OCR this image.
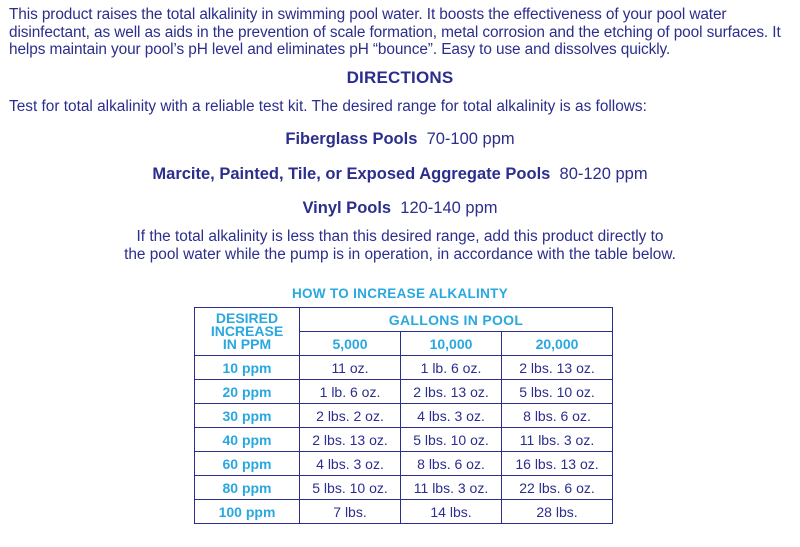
This product raises the total alkalinity in swimming pool water. It boosts the effectiveness of your pool water disinfectant, as well as aids in the prevention of scale formation, metal corrosion and the etching of pool surfaces. It helps maintain your pool’s pH level and eliminates pH “bounce”. Easy to use and dissolves quickly.

DIRECTIONS

Test for total alkalinity with a reliable test kit. The desired range for total alkalinity is as follows:

Fiberglass Pools 70-100 ppm

Marcite, Painted, Tile, or Exposed Aggregate Pools 80-120 ppm

Vinyl Pools 120-140 ppm

If the total alkalinity is less than this desired range, add this product directly to
the pool water while the pump is in operation, in accordance with the table below.

HOW TO INCREASE ALKALINTY

DESIRED
INCREASE
IN PPM	GALLONS IN POOL		
	5,000	10,000	20,000
10 ppm	11 oz.	1 lb. 6 oz.	2 lbs. 13 oz.
20 ppm	1 lb. 6 oz.	2 lbs. 13 oz.	5 lbs. 10 oz.
30 ppm	2 lbs. 2 oz.	4 lbs. 3 oz.	8 lbs. 6 oz.
40 ppm	2 lbs. 13 oz.	5 lbs. 10 oz.	11 lbs. 3 oz.
60 ppm	4 lbs. 3 oz.	8 lbs. 6 oz.	16 lbs. 13 oz.
80 ppm	5 lbs. 10 oz.	11 lbs. 3 oz.	22 lbs. 6 oz.
100 ppm	7 lbs.	14 lbs.	28 lbs.
